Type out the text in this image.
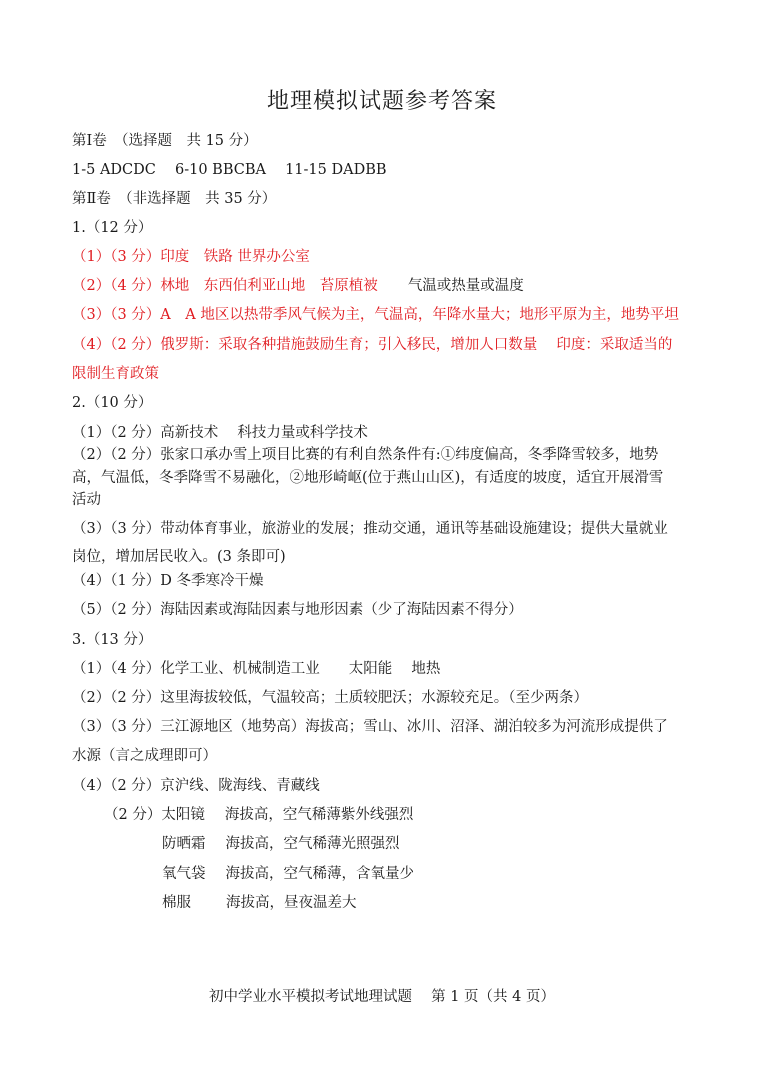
地理模拟试题参考答案
第Ⅰ卷　（选择题　共 15 分）
1-5 ADCDC　 6-10 BBCBA　 11-15 DADBB
第Ⅱ卷　（非选择题　共 35 分）
1.（12 分）
（1）（3 分）印度　铁路 世界办公室
（2）（4 分）林地　东西伯利亚山地　苔原植被 气温或热量或温度
（3）（3 分）A　A 地区以热带季风气候为主，气温高，年降水量大；地形平原为主，地势平坦
（4）（2 分）俄罗斯：采取各种措施鼓励生育；引入移民，增加人口数量　 印度：采取适当的
限制生育政策
2.（10 分）
（1）（2 分）高新技术　 科技力量或科学技术
（2）（2 分）张家口承办雪上项目比赛的有利自然条件有:①纬度偏高，冬季降雪较多，地势
高，气温低，冬季降雪不易融化，②地形崎岖(位于燕山山区)，有适度的坡度，适宜开展滑雪
活动
（3）（3 分）带动体育事业，旅游业的发展；推动交通，通讯等基础设施建设；提供大量就业
岗位，增加居民收入。(3 条即可)
（4）（1 分）D 冬季寒冷干燥
（5）（2 分）海陆因素或海陆因素与地形因素（少了海陆因素不得分）
3.（13 分）
（1）（4 分）化学工业、机械制造工业　　太阳能　 地热
（2）（2 分）这里海拔较低，气温较高；土质较肥沃；水源较充足。（至少两条）
（3）（3 分）三江源地区（地势高）海拔高；雪山、冰川、沼泽、湖泊较多为河流形成提供了
水源（言之成理即可）
（4）（2 分）京沪线、陇海线、青藏线
（2 分）太阳镜 海拔高，空气稀薄紫外线强烈
防晒霜 海拔高，空气稀薄光照强烈
氧气袋 海拔高，空气稀薄，含氧量少
棉服 海拔高，昼夜温差大
初中学业水平模拟考试地理试题　 第 1 页（共 4 页）
